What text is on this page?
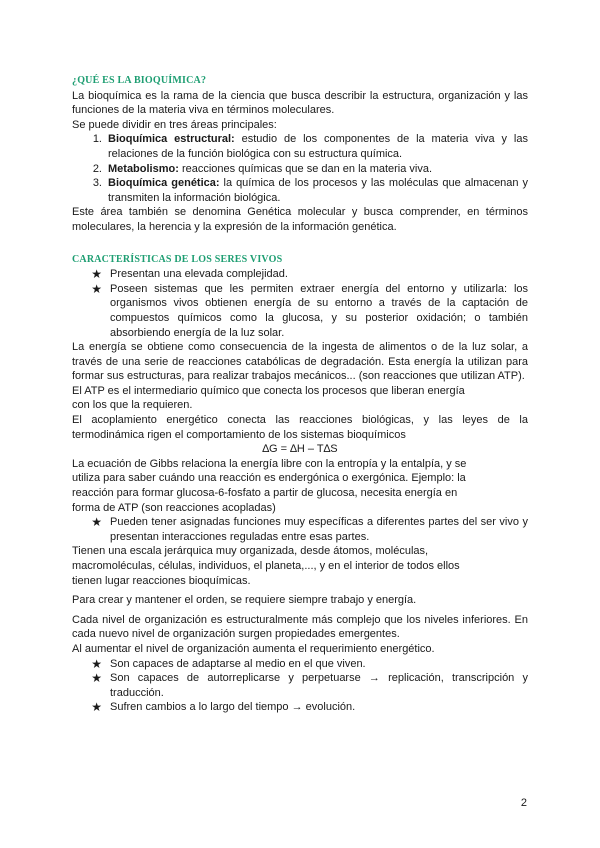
¿QUÉ ES LA BIOQUÍMICA?

La bioquímica es la rama de la ciencia que busca describir la estructura, organización y las funciones de la materia viva en términos moleculares.

Se puede dividir en tres áreas principales:

1. Bioquímica estructural: estudio de los componentes de la materia viva y las relaciones de la función biológica con su estructura química.
2. Metabolismo: reacciones químicas que se dan en la materia viva.
3. Bioquímica genética: la química de los procesos y las moléculas que almacenan y transmiten la información biológica.

Este área también se denomina Genética molecular y busca comprender, en términos moleculares, la herencia y la expresión de la información genética.

CARACTERÍSTICAS DE LOS SERES VIVOS

★ Presentan una elevada complejidad.
★ Poseen sistemas que les permiten extraer energía del entorno y utilizarla: los organismos vivos obtienen energía de su entorno a través de la captación de compuestos químicos como la glucosa, y su posterior oxidación; o también absorbiendo energía de la luz solar.

La energía se obtiene como consecuencia de la ingesta de alimentos o de la luz solar, a través de una serie de reacciones catabólicas de degradación. Esta energía la utilizan para formar sus estructuras, para realizar trabajos mecánicos... (son reacciones que utilizan ATP).

El ATP es el intermediario químico que conecta los procesos que liberan energía con los que la requieren.

El acoplamiento energético conecta las reacciones biológicas, y las leyes de la termodinámica rigen el comportamiento de los sistemas bioquímicos

∆G = ∆H – T∆S

La ecuación de Gibbs relaciona la energía libre con la entropía y la entalpía, y se utiliza para saber cuándo una reacción es endergónica o exergónica. Ejemplo: la reacción para formar glucosa-6-fosfato a partir de glucosa, necesita energía en forma de ATP (son reacciones acopladas)

★ Pueden tener asignadas funciones muy específicas a diferentes partes del ser vivo y presentan interacciones reguladas entre esas partes.

Tienen una escala jerárquica muy organizada, desde átomos, moléculas, macromoléculas, células, individuos, el planeta,..., y en el interior de todos ellos tienen lugar reacciones bioquímicas.

Para crear y mantener el orden, se requiere siempre trabajo y energía.

Cada nivel de organización es estructuralmente más complejo que los niveles inferiores. En cada nuevo nivel de organización surgen propiedades emergentes.

Al aumentar el nivel de organización aumenta el requerimiento energético.

★ Son capaces de adaptarse al medio en el que viven.
★ Son capaces de autorreplicarse y perpetuarse → replicación, transcripción y traducción.
★ Sufren cambios a lo largo del tiempo → evolución.
2
